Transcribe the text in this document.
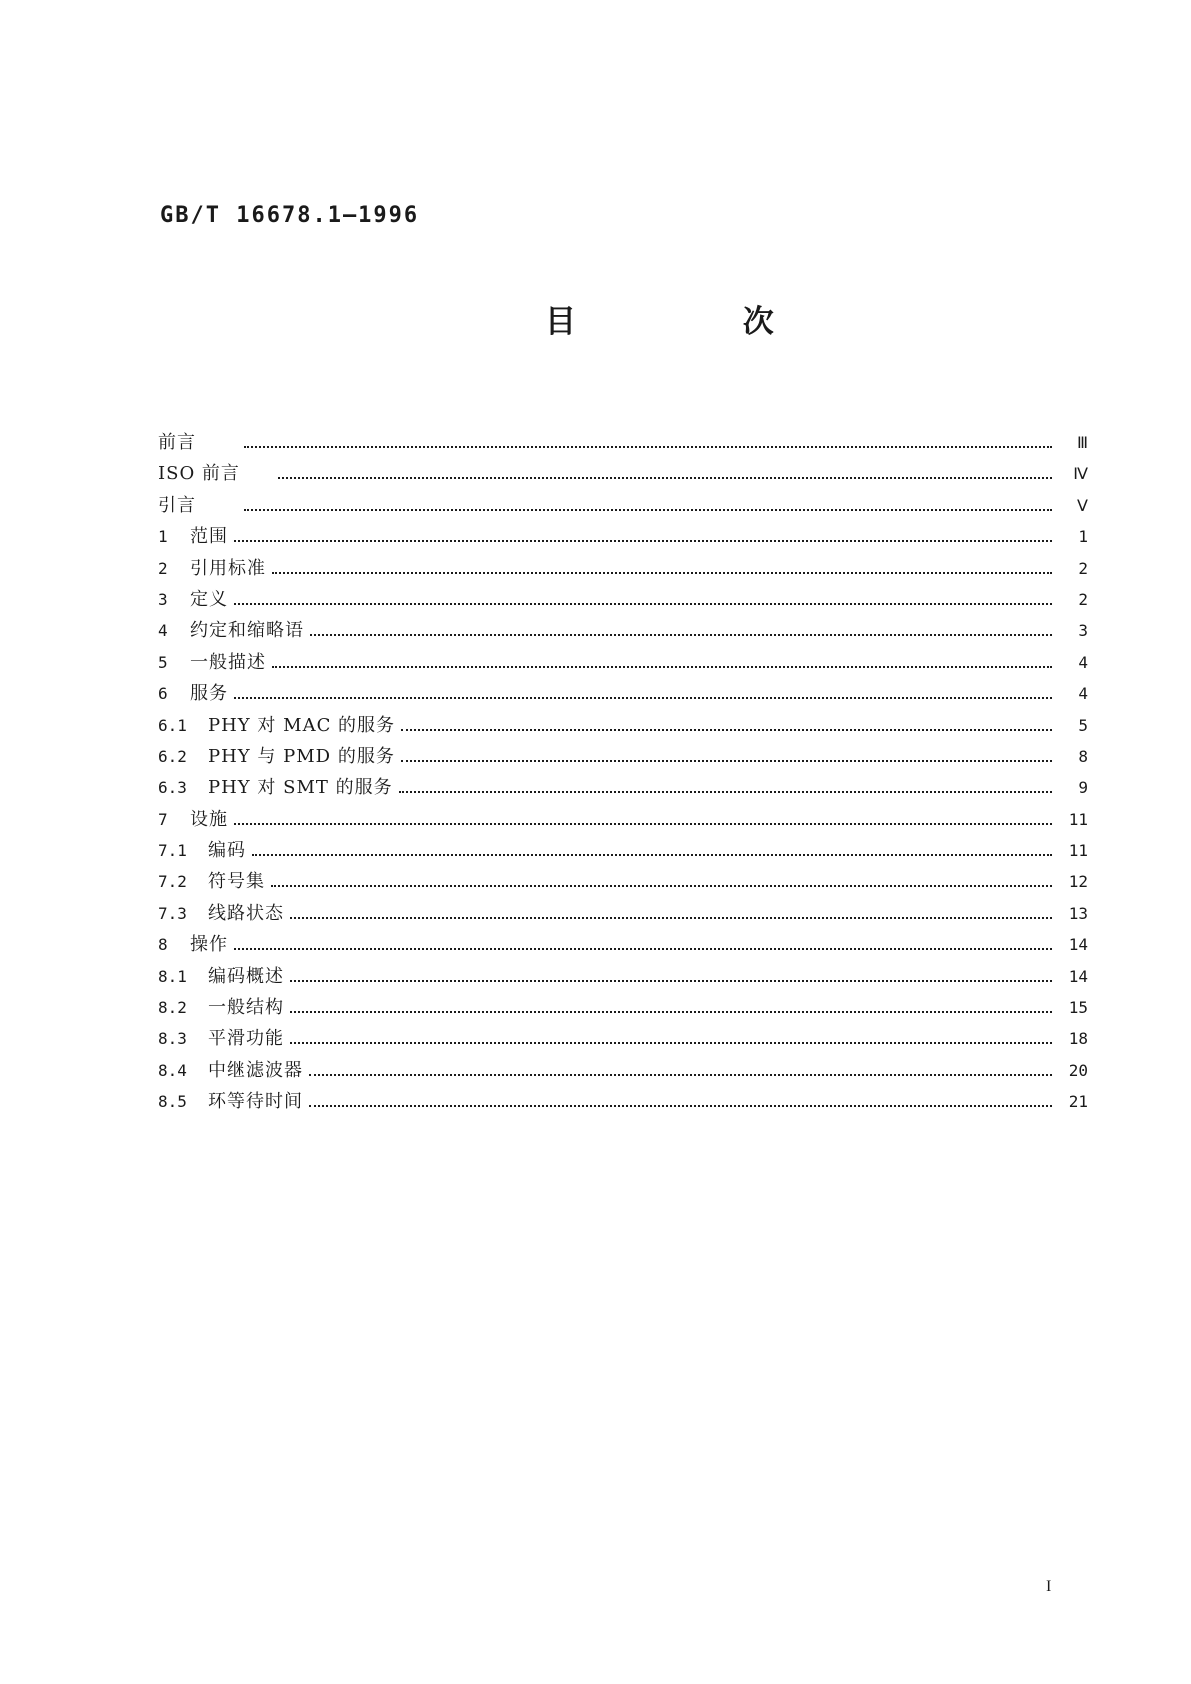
GB/T 16678.1—1996
目 次
前言	Ⅲ
ISO 前言	Ⅳ
引言	Ⅴ
1	范围	1
2	引用标准	2
3	定义	2
4	约定和缩略语	3
5	一般描述	4
6	服务	4
6.1	PHY 对 MAC 的服务	5
6.2	PHY 与 PMD 的服务	8
6.3	PHY 对 SMT 的服务	9
7	设施	11
7.1	编码	11
7.2	符号集	12
7.3	线路状态	13
8	操作	14
8.1	编码概述	14
8.2	一般结构	15
8.3	平滑功能	18
8.4	中继滤波器	20
8.5	环等待时间	21
I
